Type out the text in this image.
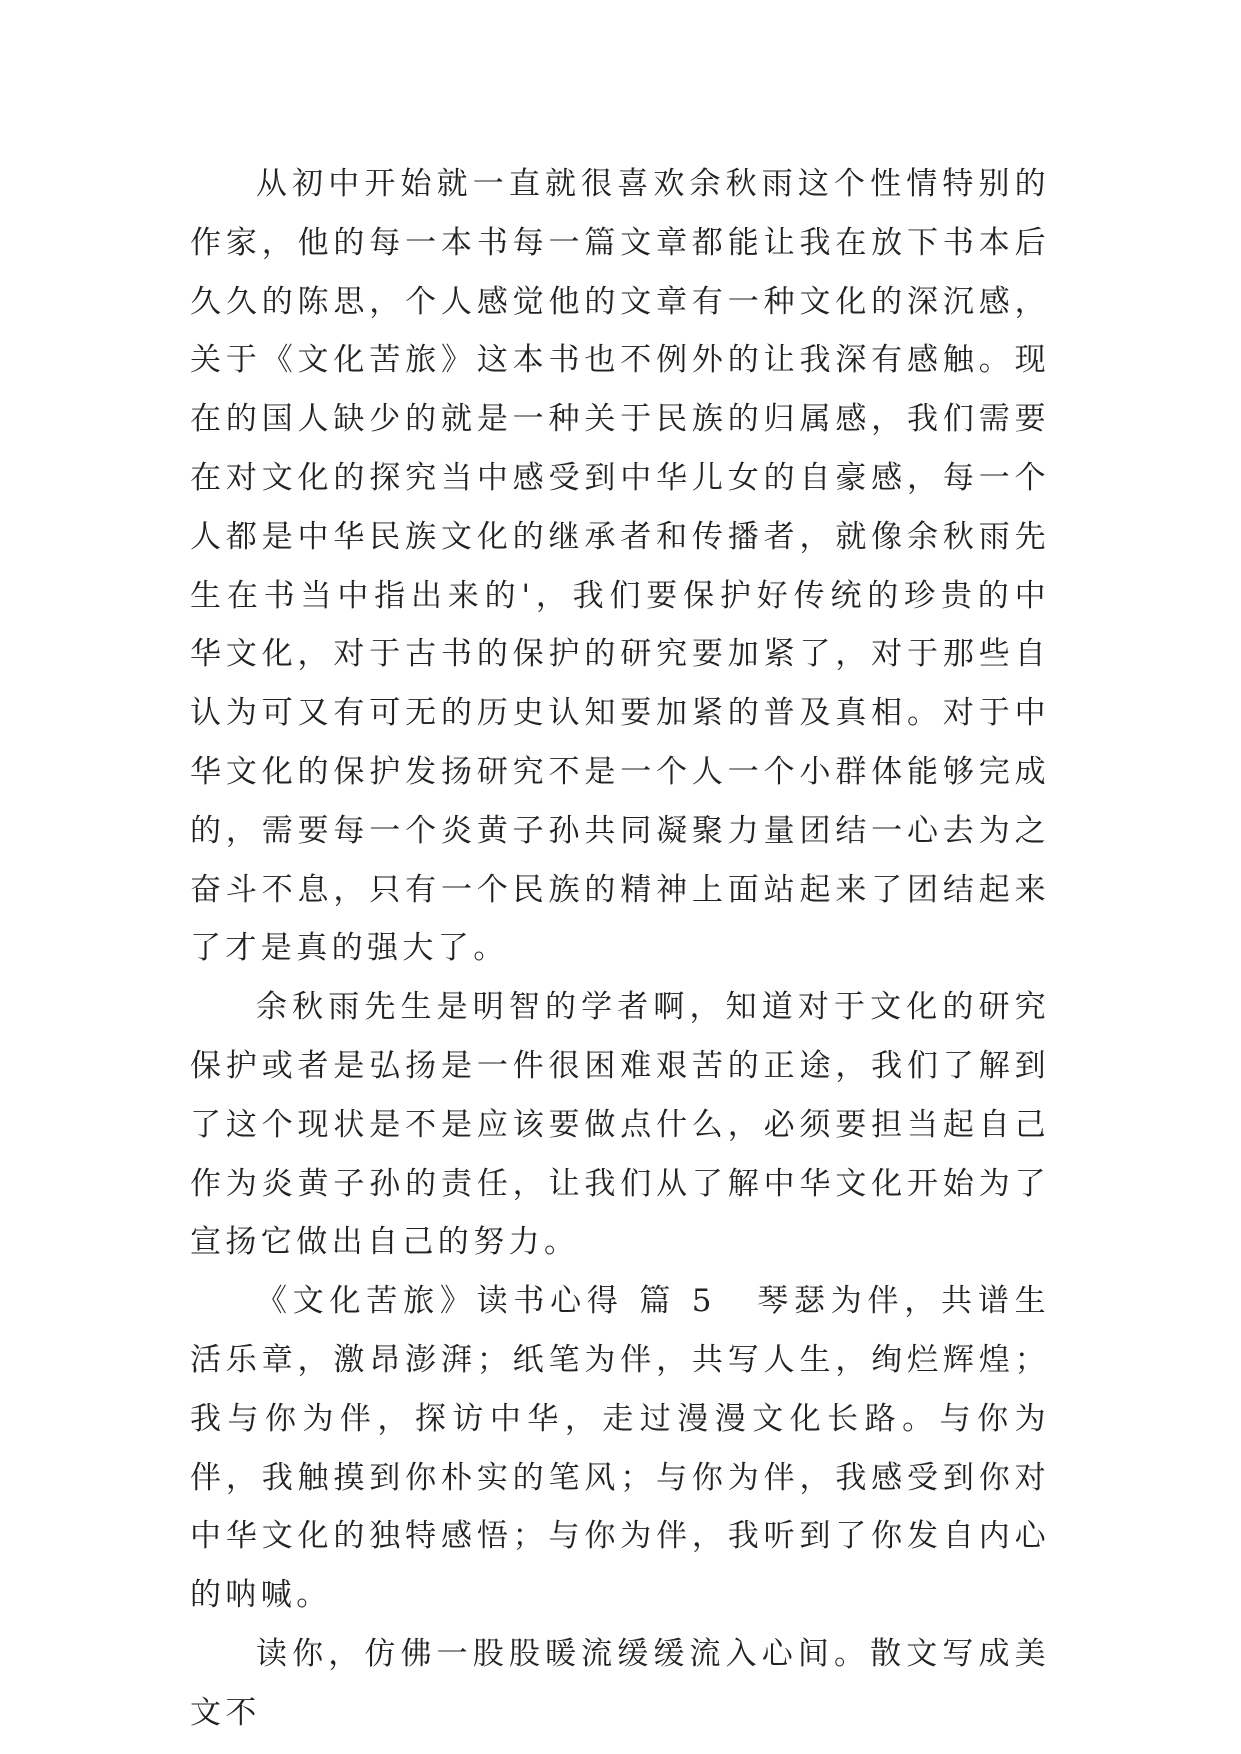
从初中开始就一直就很喜欢余秋雨这个性情特别的作家，他的每一本书每一篇文章都能让我在放下书本后久久的陈思，个人感觉他的文章有一种文化的深沉感，关于《文化苦旅》这本书也不例外的让我深有感触。现在的国人缺少的就是一种关于民族的归属感，我们需要在对文化的探究当中感受到中华儿女的自豪感，每一个人都是中华民族文化的继承者和传播者，就像余秋雨先生在书当中指出来的'，我们要保护好传统的珍贵的中华文化，对于古书的保护的研究要加紧了，对于那些自认为可又有可无的历史认知要加紧的普及真相。对于中华文化的保护发扬研究不是一个人一个小群体能够完成的，需要每一个炎黄子孙共同凝聚力量团结一心去为之奋斗不息，只有一个民族的精神上面站起来了团结起来了才是真的强大了。

余秋雨先生是明智的学者啊，知道对于文化的研究保护或者是弘扬是一件很困难艰苦的正途，我们了解到了这个现状是不是应该要做点什么，必须要担当起自己作为炎黄子孙的责任，让我们从了解中华文化开始为了宣扬它做出自己的努力。

《文化苦旅》读书心得 篇 5 琴瑟为伴，共谱生活乐章，激昂澎湃；纸笔为伴，共写人生，绚烂辉煌；我与你为伴，探访中华，走过漫漫文化长路。与你为伴，我触摸到你朴实的笔风；与你为伴，我感受到你对中华文化的独特感悟；与你为伴，我听到了你发自内心的呐喊。

读你，仿佛一股股暖流缓缓流入心间。散文写成美文不
